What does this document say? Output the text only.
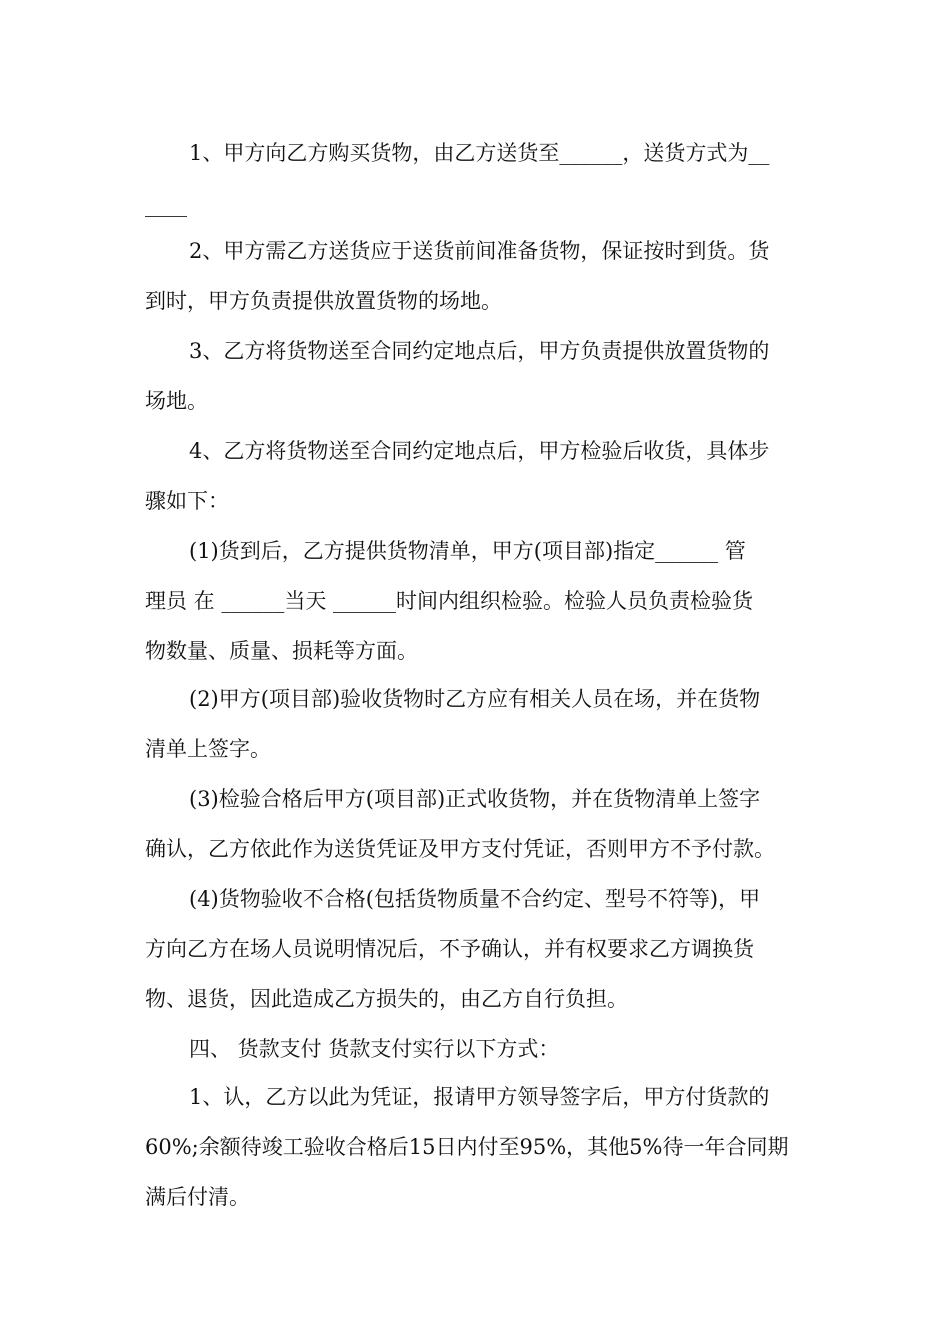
1、甲方向乙方购买货物，由乙方送货至______，送货方式为__
____
2、甲方需乙方送货应于送货前间准备货物，保证按时到货。货
到时，甲方负责提供放置货物的场地。
3、乙方将货物送至合同约定地点后，甲方负责提供放置货物的
场地。
4、乙方将货物送至合同约定地点后，甲方检验后收货，具体步
骤如下：
(1)货到后，乙方提供货物清单，甲方(项目部)指定______ 管
理员 在 ______当天 ______时间内组织检验。检验人员负责检验货
物数量、质量、损耗等方面。
(2)甲方(项目部)验收货物时乙方应有相关人员在场，并在货物
清单上签字。
(3)检验合格后甲方(项目部)正式收货物，并在货物清单上签字
确认，乙方依此作为送货凭证及甲方支付凭证，否则甲方不予付款。
(4)货物验收不合格(包括货物质量不合约定、型号不符等)，甲
方向乙方在场人员说明情况后，不予确认，并有权要求乙方调换货
物、退货，因此造成乙方损失的，由乙方自行负担。
四、 货款支付 货款支付实行以下方式：
1、认，乙方以此为凭证，报请甲方领导签字后，甲方付货款的
60%;余额待竣工验收合格后15日内付至95%，其他5%待一年合同期
满后付清。
